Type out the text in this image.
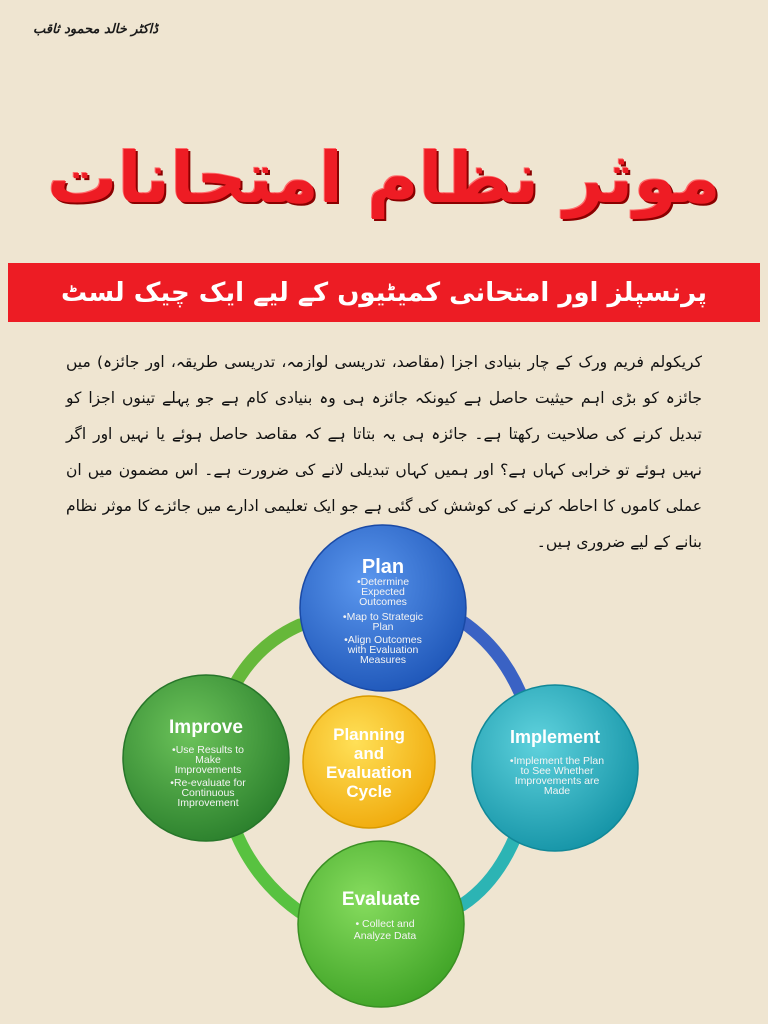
ڈاکٹر خالد محمود ثاقب
موثر نظام امتحانات
پرنسپلز اور امتحانی کمیٹیوں کے لیے ایک چیک لسٹ
کریکولم فریم ورک کے چار بنیادی اجزا (مقاصد، تدریسی لوازمہ، تدریسی طریقہ، اور جائزہ) میں جائزہ کو بڑی اہم حیثیت حاصل ہے کیونکہ جائزہ ہی وہ بنیادی کام ہے جو پہلے تینوں اجزا کو تبدیل کرنے کی صلاحیت رکھتا ہے۔ جائزہ ہی یہ بتاتا ہے کہ مقاصد حاصل ہوئے یا نہیں اور اگر نہیں ہوئے تو خرابی کہاں ہے؟ اور ہمیں کہاں تبدیلی لانے کی ضرورت ہے۔ اس مضمون میں ان عملی کاموں کا احاطہ کرنے کی کوشش کی گئی ہے جو ایک تعلیمی ادارے میں جائزے کا موثر نظام بنانے کے لیے ضروری ہیں۔
Plan
•Determine
Expected
Outcomes
•Map to Strategic
Plan
•Align Outcomes
with Evaluation
Measures
Implement
•Implement the Plan
to See Whether
Improvements are
Made
Evaluate
• Collect and
Analyze Data
Improve
•Use Results to
Make
Improvements
•Re-evaluate for
Continuous
Improvement
Planning
and
Evaluation
Cycle
